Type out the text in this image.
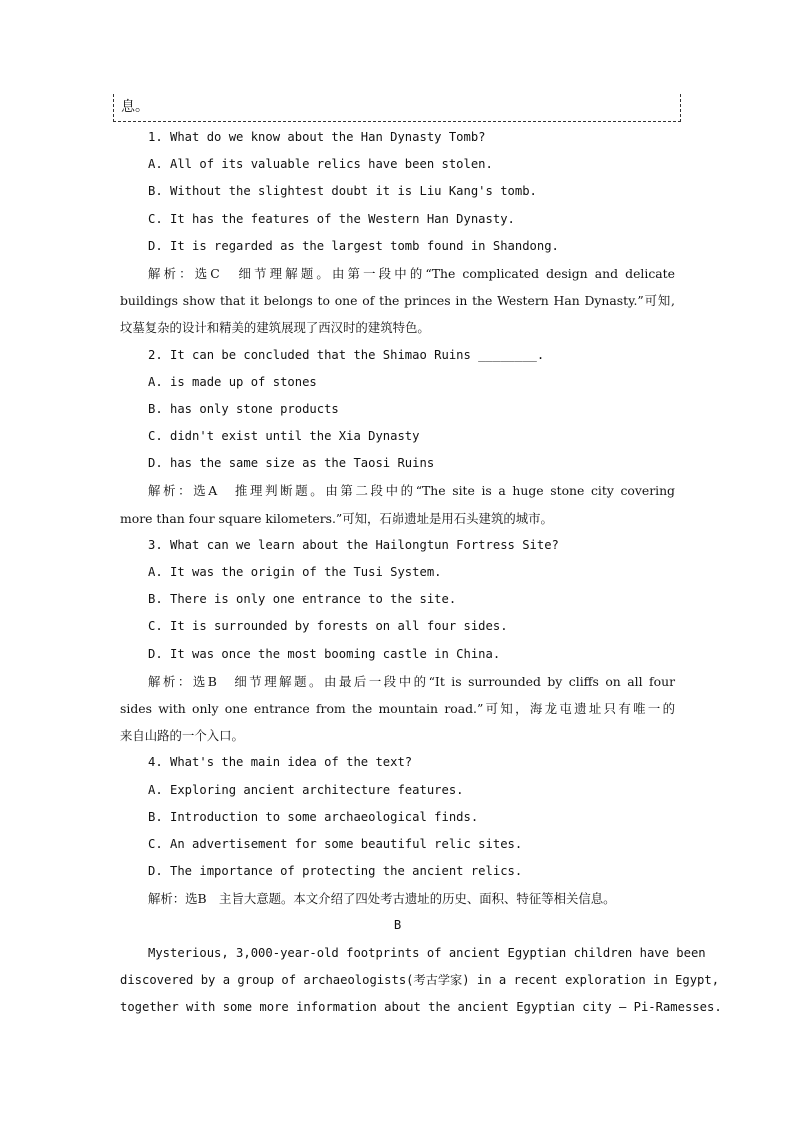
息。
1. What do we know about the Han Dynasty Tomb?
A. All of its valuable relics have been stolen.
B. Without the slightest doubt it is Liu Kang's tomb.
C. It has the features of the Western Han Dynasty.
D. It is regarded as the largest tomb found in Shandong.
解析：选C　细节理解题。由第一段中的“The complicated design and delicate
buildings show that it belongs to one of the princes in the Western Han Dynasty.”可知,
坟墓复杂的设计和精美的建筑展现了西汉时的建筑特色。
2. It can be concluded that the Shimao Ruins ________.
A. is made up of stones
B. has only stone products
C. didn't exist until the Xia Dynasty
D. has the same size as the Taosi Ruins
解析：选A　推理判断题。由第二段中的“The site is a huge stone city covering
more than four square kilometers.”可知，石峁遗址是用石头建筑的城市。
3. What can we learn about the Hailongtun Fortress Site?
A. It was the origin of the Tusi System.
B. There is only one entrance to the site.
C. It is surrounded by forests on all four sides.
D. It was once the most booming castle in China.
解析：选B　细节理解题。由最后一段中的“It is surrounded by cliffs on all four
sides with only one entrance from the mountain road.”可知，海龙屯遗址只有唯一的
来自山路的一个入口。
4. What's the main idea of the text?
A. Exploring ancient architecture features.
B. Introduction to some archaeological finds.
C. An advertisement for some beautiful relic sites.
D. The importance of protecting the ancient relics.
解析：选B　主旨大意题。本文介绍了四处考古遗址的历史、面积、特征等相关信息。
B
Mysterious, 3,000-year-old footprints of ancient Egyptian children have been
discovered by a group of archaeologists(考古学家) in a recent exploration in Egypt,
together with some more information about the ancient Egyptian city — Pi-Ramesses.
